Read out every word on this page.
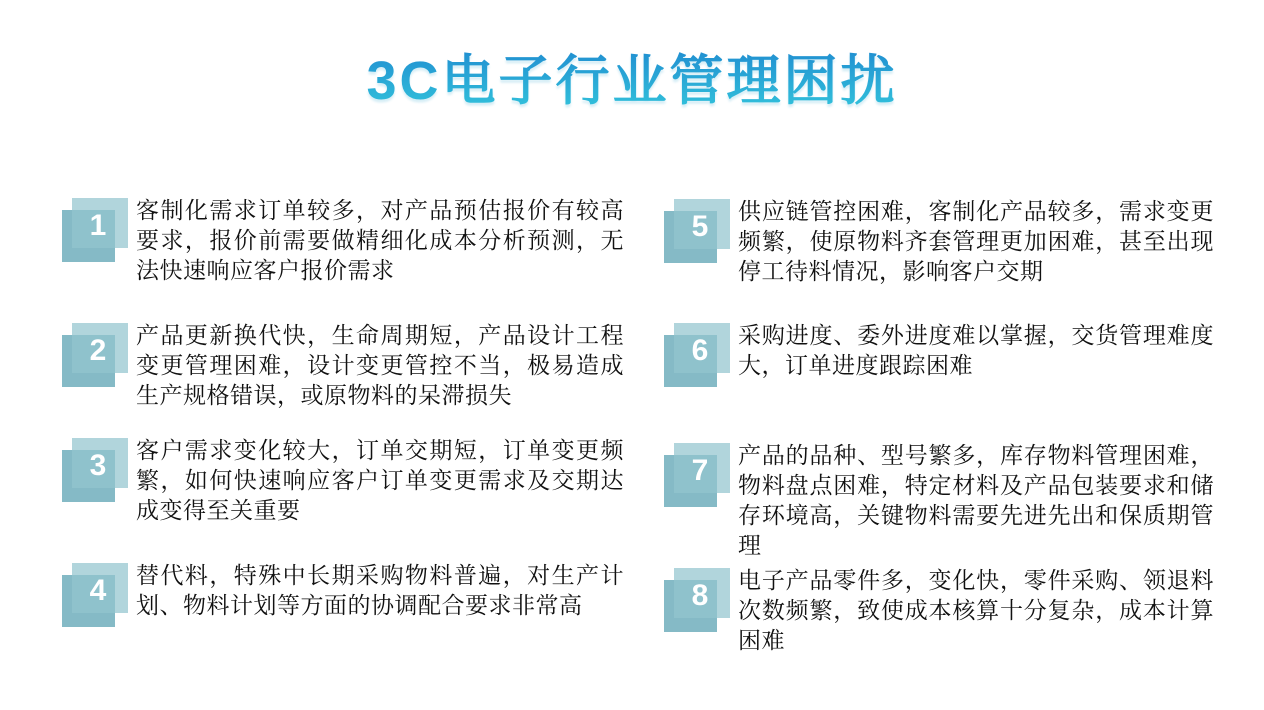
3C电子行业管理困扰
1	客制化需求订单较多，对产品预估报价有较高要求，报价前需要做精细化成本分析预测，无法快速响应客户报价需求

2	产品更新换代快，生命周期短，产品设计工程变更管理困难，设计变更管控不当，极易造成生产规格错误，或原物料的呆滞损失

3	客户需求变化较大，订单交期短，订单变更频繁，如何快速响应客户订单变更需求及交期达成变得至关重要

4	替代料，特殊中长期采购物料普遍，对生产计划、物料计划等方面的协调配合要求非常高

5	供应链管控困难，客制化产品较多，需求变更频繁，使原物料齐套管理更加困难，甚至出现停工待料情况，影响客户交期

6	采购进度、委外进度难以掌握，交货管理难度大，订单进度跟踪困难

7	产品的品种、型号繁多，库存物料管理困难，物料盘点困难，特定材料及产品包装要求和储存环境高，关键物料需要先进先出和保质期管理

8	电子产品零件多，变化快，零件采购、领退料次数频繁，致使成本核算十分复杂，成本计算困难
